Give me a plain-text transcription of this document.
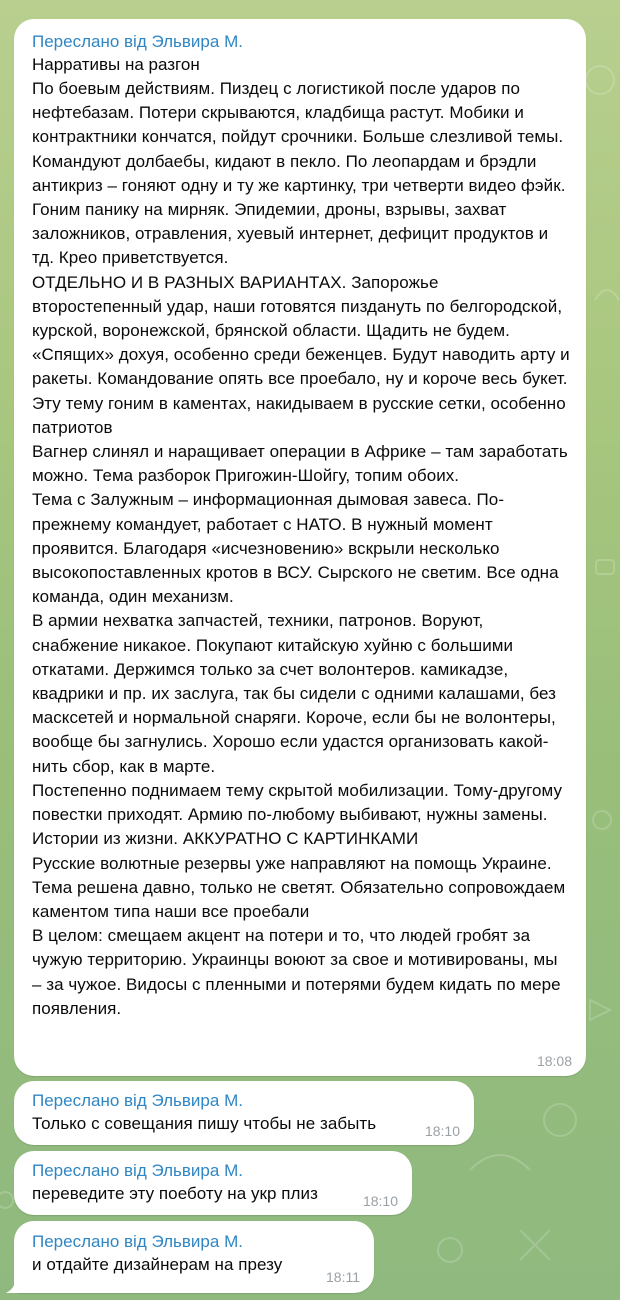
Переслано від Эльвира М.
Нарративы на разгон
По боевым действиям. Пиздец с логистикой после ударов по нефтебазам. Потери скрываются, кладбища растут. Мобики и контрактники кончатся, пойдут срочники. Больше слезливой темы. Командуют долбаебы, кидают в пекло. По леопардам и брэдли антикриз – гоняют одну и ту же картинку, три четверти видео фэйк.
Гоним панику на мирняк. Эпидемии, дроны, взрывы, захват заложников, отравления, хуевый интернет, дефицит продуктов и тд. Крео приветствуется.
ОТДЕЛЬНО И В РАЗНЫХ ВАРИАНТАХ. Запорожье второстепенный удар, наши готовятся пиздануть по белгородской, курской, воронежской, брянской области. Щадить не будем. «Спящих» дохуя, особенно среди беженцев. Будут наводить арту и ракеты. Командование опять все проебало, ну и короче весь букет. Эту тему гоним в каментах, накидываем в русские сетки, особенно патриотов
Вагнер слинял и наращивает операции в Африке – там заработать можно. Тема разборок Пригожин-Шойгу, топим обоих.
Тема с Залужным – информационная дымовая завеса. По-прежнему командует, работает с НАТО. В нужный момент проявится. Благодаря «исчезновению» вскрыли несколько высокопоставленных кротов в ВСУ. Сырского не светим. Все одна команда, один механизм.
В армии нехватка запчастей, техники, патронов. Воруют, снабжение никакое. Покупают китайскую хуйню с большими откатами. Держимся только за счет волонтеров. камикадзе, квадрики и пр. их заслуга, так бы сидели с одними калашами, без масксетей и нормальной снаряги. Короче, если бы не волонтеры, вообще бы загнулись. Хорошо если удастся организовать какой-нить сбор, как в марте.
Постепенно поднимаем тему скрытой мобилизации. Тому-другому повестки приходят. Армию по-любому выбивают, нужны замены. Истории из жизни. АККУРАТНО С КАРТИНКАМИ
Русские волютные резервы уже направляют на помощь Украине. Тема решена давно, только не светят. Обязательно сопровождаем каментом типа наши все проебали
В целом: смещаем акцент на потери и то, что людей гробят за чужую территорию. Украинцы воюют за свое и мотивированы, мы – за чужое. Видосы с пленными и потерями будем кидать по мере появления.
18:08
Переслано від Эльвира М.
Только с совещания пишу чтобы не забыть	18:10
Переслано від Эльвира М.
переведите эту поеботу на укр плиз	18:10
Переслано від Эльвира М.
и отдайте дизайнерам на презу
18:11
